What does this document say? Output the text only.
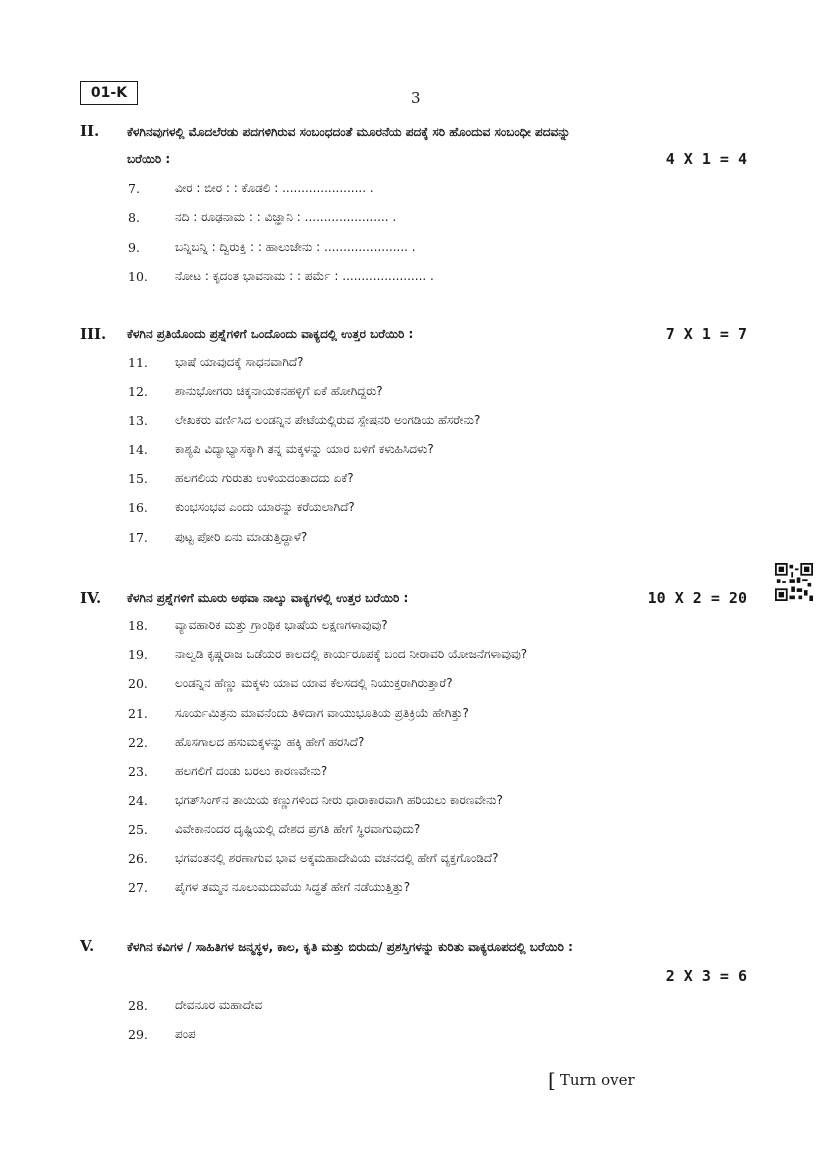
01-K	3
II. ಕೆಳಗಿನವುಗಳಲ್ಲಿ ಮೊದಲೆರಡು ಪದಗಳಿಗಿರುವ ಸಂಬಂಧದಂತೆ ಮೂರನೆಯ ಪದಕ್ಕೆ ಸರಿ ಹೊಂದುವ ಸಂಬಂಧೀ ಪದವನ್ನು
ಬರೆಯಿರಿ :	4 X 1 = 4
7.	ವೀರ : ಬೀರ : : ಕೊಡಲಿ : ...................... .
8.	ನದಿ : ರೂಢನಾಮ : : ವಿಜ್ಞಾನಿ : ...................... .
9.	ಬನ್ನಿಬನ್ನಿ : ದ್ವಿರುಕ್ತಿ : : ಹಾಲುಜೇನು : ...................... .
10. ನೋಟ : ಕೃದಂತ ಭಾವನಾಮ : : ಪರ್ಮೆ : ...................... .
III. ಕೆಳಗಿನ ಪ್ರತಿಯೊಂದು ಪ್ರಶ್ನೆಗಳಿಗೆ ಒಂದೊಂದು ವಾಕ್ಯದಲ್ಲಿ ಉತ್ತರ ಬರೆಯಿರಿ :	7 X 1 = 7
11. ಭಾಷೆ ಯಾವುದಕ್ಕೆ ಸಾಧನವಾಗಿದೆ?
12. ಶಾನುಭೋಗರು ಚಿಕ್ಕನಾಯಕನಹಳ್ಳಿಗೆ ಏಕೆ ಹೋಗಿದ್ದರು?
13. ಲೇಖಕರು ವರ್ಣಿಸಿದ ಲಂಡನ್ನಿನ ಪೇಟೆಯಲ್ಲಿರುವ ಸ್ಪೇಷನರಿ ಅಂಗಡಿಯ ಹೆಸರೇನು?
14. ಕಾಶ್ಯಪಿ ವಿದ್ಯಾಭ್ಯಾಸಕ್ಕಾಗಿ ತನ್ನ ಮಕ್ಕಳನ್ನು ಯಾರ ಬಳಿಗೆ ಕಳುಹಿಸಿದಳು?
15. ಹಲಗಲಿಯ ಗುರುತು ಉಳಿಯದಂತಾದದು ಏಕೆ?
16. ಕುಂಭಸಂಭವ ಎಂದು ಯಾರನ್ನು ಕರೆಯಲಾಗಿದೆ?
17. ಪುಟ್ಟ ಪೋರಿ ಏನು ಮಾಡುತ್ತಿದ್ದಾಳೆ?
IV. ಕೆಳಗಿನ ಪ್ರಶ್ನೆಗಳಿಗೆ ಮೂರು ಅಥವಾ ನಾಲ್ಕು ವಾಕ್ಯಗಳಲ್ಲಿ ಉತ್ತರ ಬರೆಯಿರಿ :	10 X 2 = 20
18. ವ್ಯಾವಹಾರಿಕ ಮತ್ತು ಗ್ರಾಂಥಿಕ ಭಾಷೆಯ ಲಕ್ಷಣಗಳಾವುವು?
19. ನಾಲ್ವಡಿ ಕೃಷ್ಣರಾಜ ಒಡೆಯರ ಕಾಲದಲ್ಲಿ ಕಾರ್ಯರೂಪಕ್ಕೆ ಬಂದ ನೀರಾವರಿ ಯೋಜನೆಗಳಾವುವು?
20. ಲಂಡನ್ನಿನ ಹೆಣ್ಣು ಮಕ್ಕಳು ಯಾವ ಯಾವ ಕೆಲಸದಲ್ಲಿ ನಿಯುಕ್ತರಾಗಿರುತ್ತಾರೆ?
21. ಸೂರ್ಯಮಿತ್ರನು ಮಾವನೆಂದು ತಿಳಿದಾಗ ವಾಯುಭೂತಿಯ ಪ್ರತಿಕ್ರಿಯೆ ಹೇಗಿತ್ತು?
22. ಹೊಸಗಾಲದ ಹಸುಮಕ್ಕಳನ್ನು ಹಕ್ಕಿ ಹೇಗೆ ಹರಸಿದೆ?
23. ಹಲಗಲಿಗೆ ದಂಡು ಬರಲು ಕಾರಣವೇನು?
24. ಭಗತ್‌ಸಿಂಗ್‌ನ ತಾಯಿಯ ಕಣ್ಣುಗಳಿಂದ ನೀರು ಧಾರಾಕಾರವಾಗಿ ಹರಿಯಲು ಕಾರಣವೇನು?
25. ವಿವೇಕಾನಂದರ ದೃಷ್ಟಿಯಲ್ಲಿ ದೇಶದ ಪ್ರಗತಿ ಹೇಗೆ ಸ್ಥಿರವಾಗುವುದು?
26. ಭಗವಂತನಲ್ಲಿ ಶರಣಾಗುವ ಭಾವ ಅಕ್ಕಮಹಾದೇವಿಯ ವಚನದಲ್ಲಿ ಹೇಗೆ ವ್ಯಕ್ತಗೊಂಡಿದೆ?
27. ಪೈಗಳ ತಮ್ಮನ ನೂಲುಮದುವೆಯ ಸಿದ್ಧತೆ ಹೇಗೆ ನಡೆಯುತ್ತಿತ್ತು?
V.	ಕೆಳಗಿನ ಕವಿಗಳ / ಸಾಹಿತಿಗಳ ಜನ್ಮಸ್ಥಳ, ಕಾಲ, ಕೃತಿ ಮತ್ತು ಬಿರುದು/ ಪ್ರಶಸ್ತಿಗಳನ್ನು ಕುರಿತು ವಾಕ್ಯರೂಪದಲ್ಲಿ ಬರೆಯಿರಿ :
2 X 3 = 6
28. ದೇವನೂರ ಮಹಾದೇವ
29. ಪಂಪ
[ Turn over
